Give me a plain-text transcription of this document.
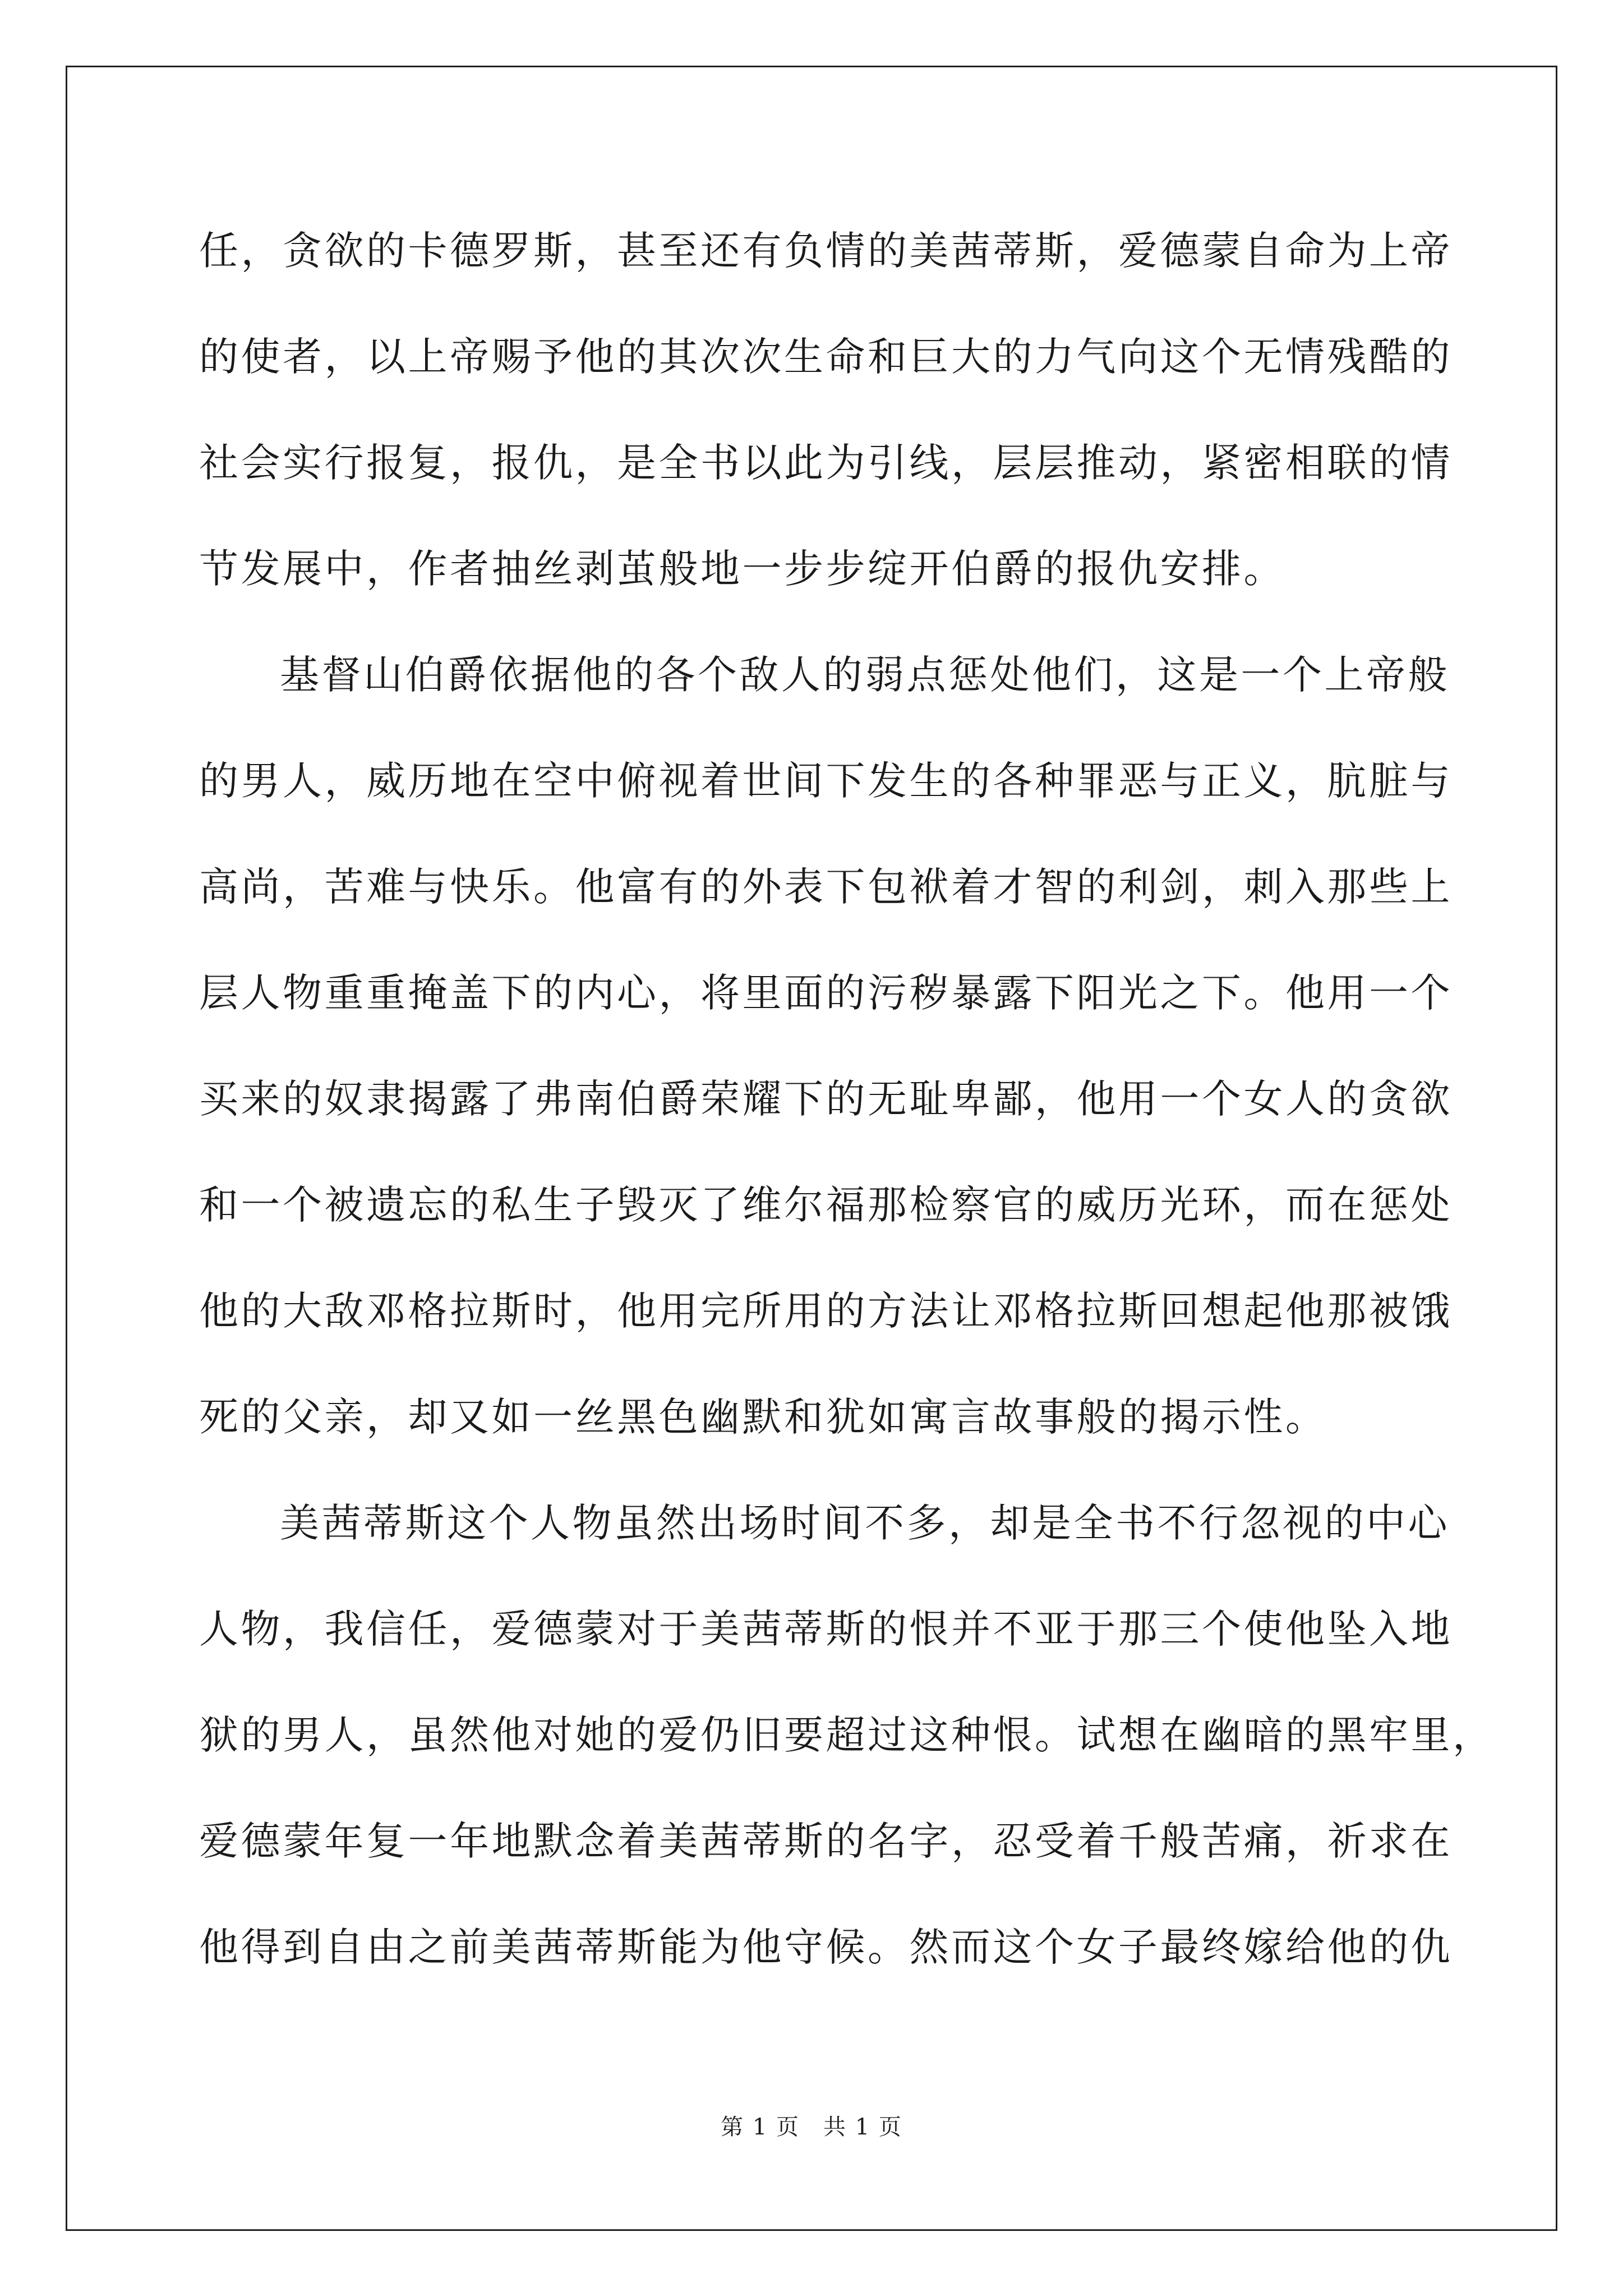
任，贪欲的卡德罗斯，甚至还有负情的美茜蒂斯，爱德蒙自命为上帝
的使者，以上帝赐予他的其次次生命和巨大的力气向这个无情残酷的
社会实行报复，报仇，是全书以此为引线，层层推动，紧密相联的情
节发展中，作者抽丝剥茧般地一步步绽开伯爵的报仇安排。
基督山伯爵依据他的各个敌人的弱点惩处他们，这是一个上帝般
的男人，威历地在空中俯视着世间下发生的各种罪恶与正义，肮脏与
高尚，苦难与快乐。他富有的外表下包袱着才智的利剑，刺入那些上
层人物重重掩盖下的内心，将里面的污秽暴露下阳光之下。他用一个
买来的奴隶揭露了弗南伯爵荣耀下的无耻卑鄙，他用一个女人的贪欲
和一个被遗忘的私生子毁灭了维尔福那检察官的威历光环，而在惩处
他的大敌邓格拉斯时，他用完所用的方法让邓格拉斯回想起他那被饿
死的父亲，却又如一丝黑色幽默和犹如寓言故事般的揭示性。
美茜蒂斯这个人物虽然出场时间不多，却是全书不行忽视的中心
人物，我信任，爱德蒙对于美茜蒂斯的恨并不亚于那三个使他坠入地
狱的男人，虽然他对她的爱仍旧要超过这种恨。试想在幽暗的黑牢里，
爱德蒙年复一年地默念着美茜蒂斯的名字，忍受着千般苦痛，祈求在
他得到自由之前美茜蒂斯能为他守候。然而这个女子最终嫁给他的仇
第 1 页　共 1 页
